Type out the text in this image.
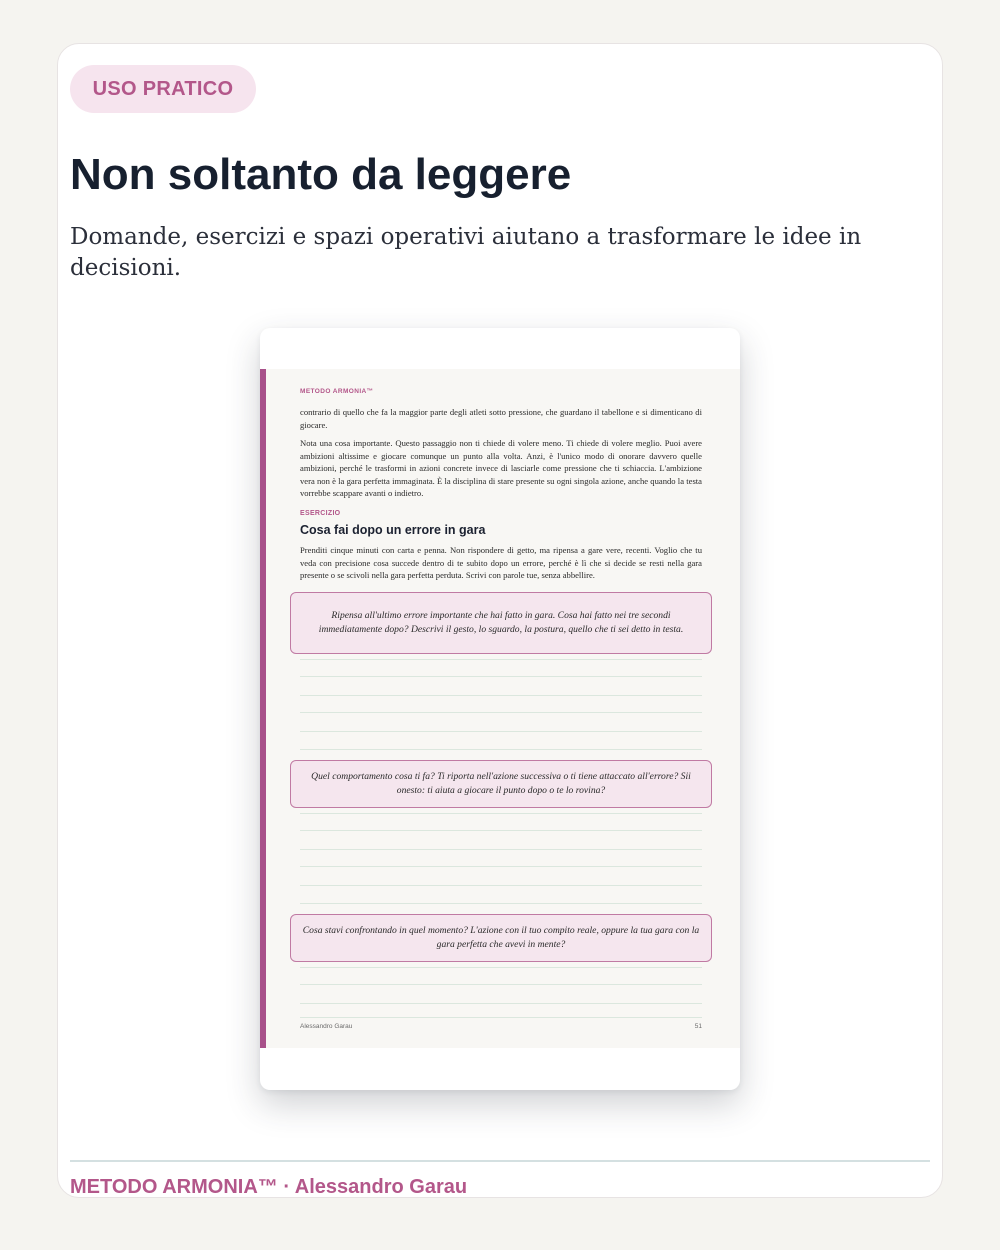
USO PRATICO
Non soltanto da leggere

Domande, esercizi e spazi operativi aiutano a trasformare le idee in decisioni.

METODO ARMONIA™

contrario di quello che fa la maggior parte degli atleti sotto pressione, che guardano il tabellone e si dimenticano di giocare.

Nota una cosa importante. Questo passaggio non ti chiede di volere meno. Ti chiede di volere meglio. Puoi avere ambizioni altissime e giocare comunque un punto alla volta. Anzi, è l'unico modo di onorare davvero quelle ambizioni, perché le trasformi in azioni concrete invece di lasciarle come pressione che ti schiaccia. L'ambizione vera non è la gara perfetta immaginata. È la disciplina di stare presente su ogni singola azione, anche quando la testa vorrebbe scappare avanti o indietro.

ESERCIZIO
Cosa fai dopo un errore in gara

Prenditi cinque minuti con carta e penna. Non rispondere di getto, ma ripensa a gare vere, recenti. Voglio che tu veda con precisione cosa succede dentro di te subito dopo un errore, perché è lì che si decide se resti nella gara presente o se scivoli nella gara perfetta perduta. Scrivi con parole tue, senza abbellire.

Ripensa all'ultimo errore importante che hai fatto in gara. Cosa hai fatto nei tre secondi immediatamente dopo? Descrivi il gesto, lo sguardo, la postura, quello che ti sei detto in testa.
Quel comportamento cosa ti fa? Ti riporta nell'azione successiva o ti tiene attaccato all'errore? Sii onesto: ti aiuta a giocare il punto dopo o te lo rovina?
Cosa stavi confrontando in quel momento? L'azione con il tuo compito reale, oppure la tua gara con la gara perfetta che avevi in mente?
Alessandro Garau	51
METODO ARMONIA™ · Alessandro Garau
